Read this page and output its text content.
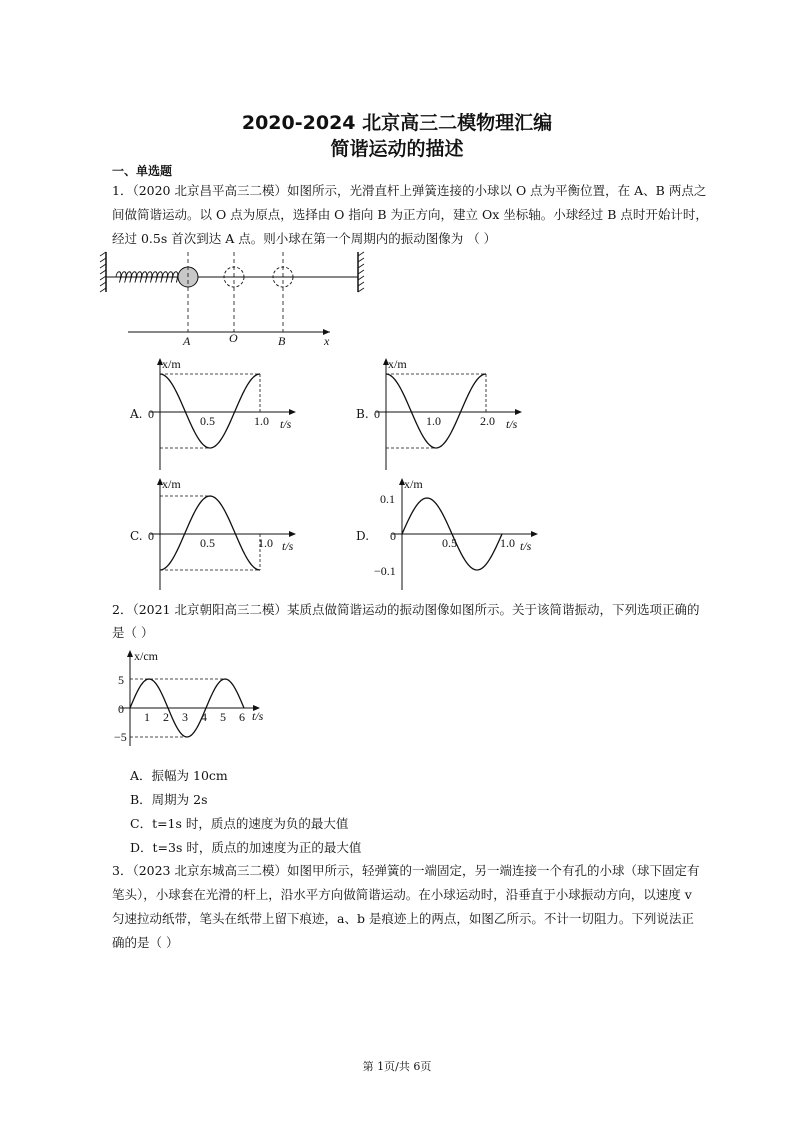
2020-2024 北京高三二模物理汇编
简谐运动的描述
一、单选题
1．（2020 北京昌平高三二模）如图所示，光滑直杆上弹簧连接的小球以 O 点为平衡位置，在 A、B 两点之
间做简谐运动。以 O 点为原点，选择由 O 指向 B 为正方向，建立 Ox 坐标轴。小球经过 B 点时开始计时，
经过 0.5s 首次到达 A 点。则小球在第一个周期内的振动图像为 （ ）
A	O	B	x
A.	B.
C.	D.
x/m
t/s
0	0.5	1.0
x/m
t/s
0	1.0	2.0
x/m
t/s
0	0.5	1.0
x/m
t/s
0
0.1
−0.1
0.5	1.0
2．（2021 北京朝阳高三二模）某质点做简谐运动的振动图像如图所示。关于该简谐振动，下列选项正确的
是（ ）
x/cm
t/s
0
5
−5
1 2 3 4 5 6
A．振幅为 10cm
B．周期为 2s
C．t=1s 时，质点的速度为负的最大值
D．t=3s 时，质点的加速度为正的最大值
3．（2023 北京东城高三二模）如图甲所示，轻弹簧的一端固定，另一端连接一个有孔的小球（球下固定有
笔头），小球套在光滑的杆上，沿水平方向做简谐运动。在小球运动时，沿垂直于小球振动方向，以速度 v
匀速拉动纸带，笔头在纸带上留下痕迹，a、b 是痕迹上的两点，如图乙所示。不计一切阻力。下列说法正
确的是（ ）
第 1页/共 6页
